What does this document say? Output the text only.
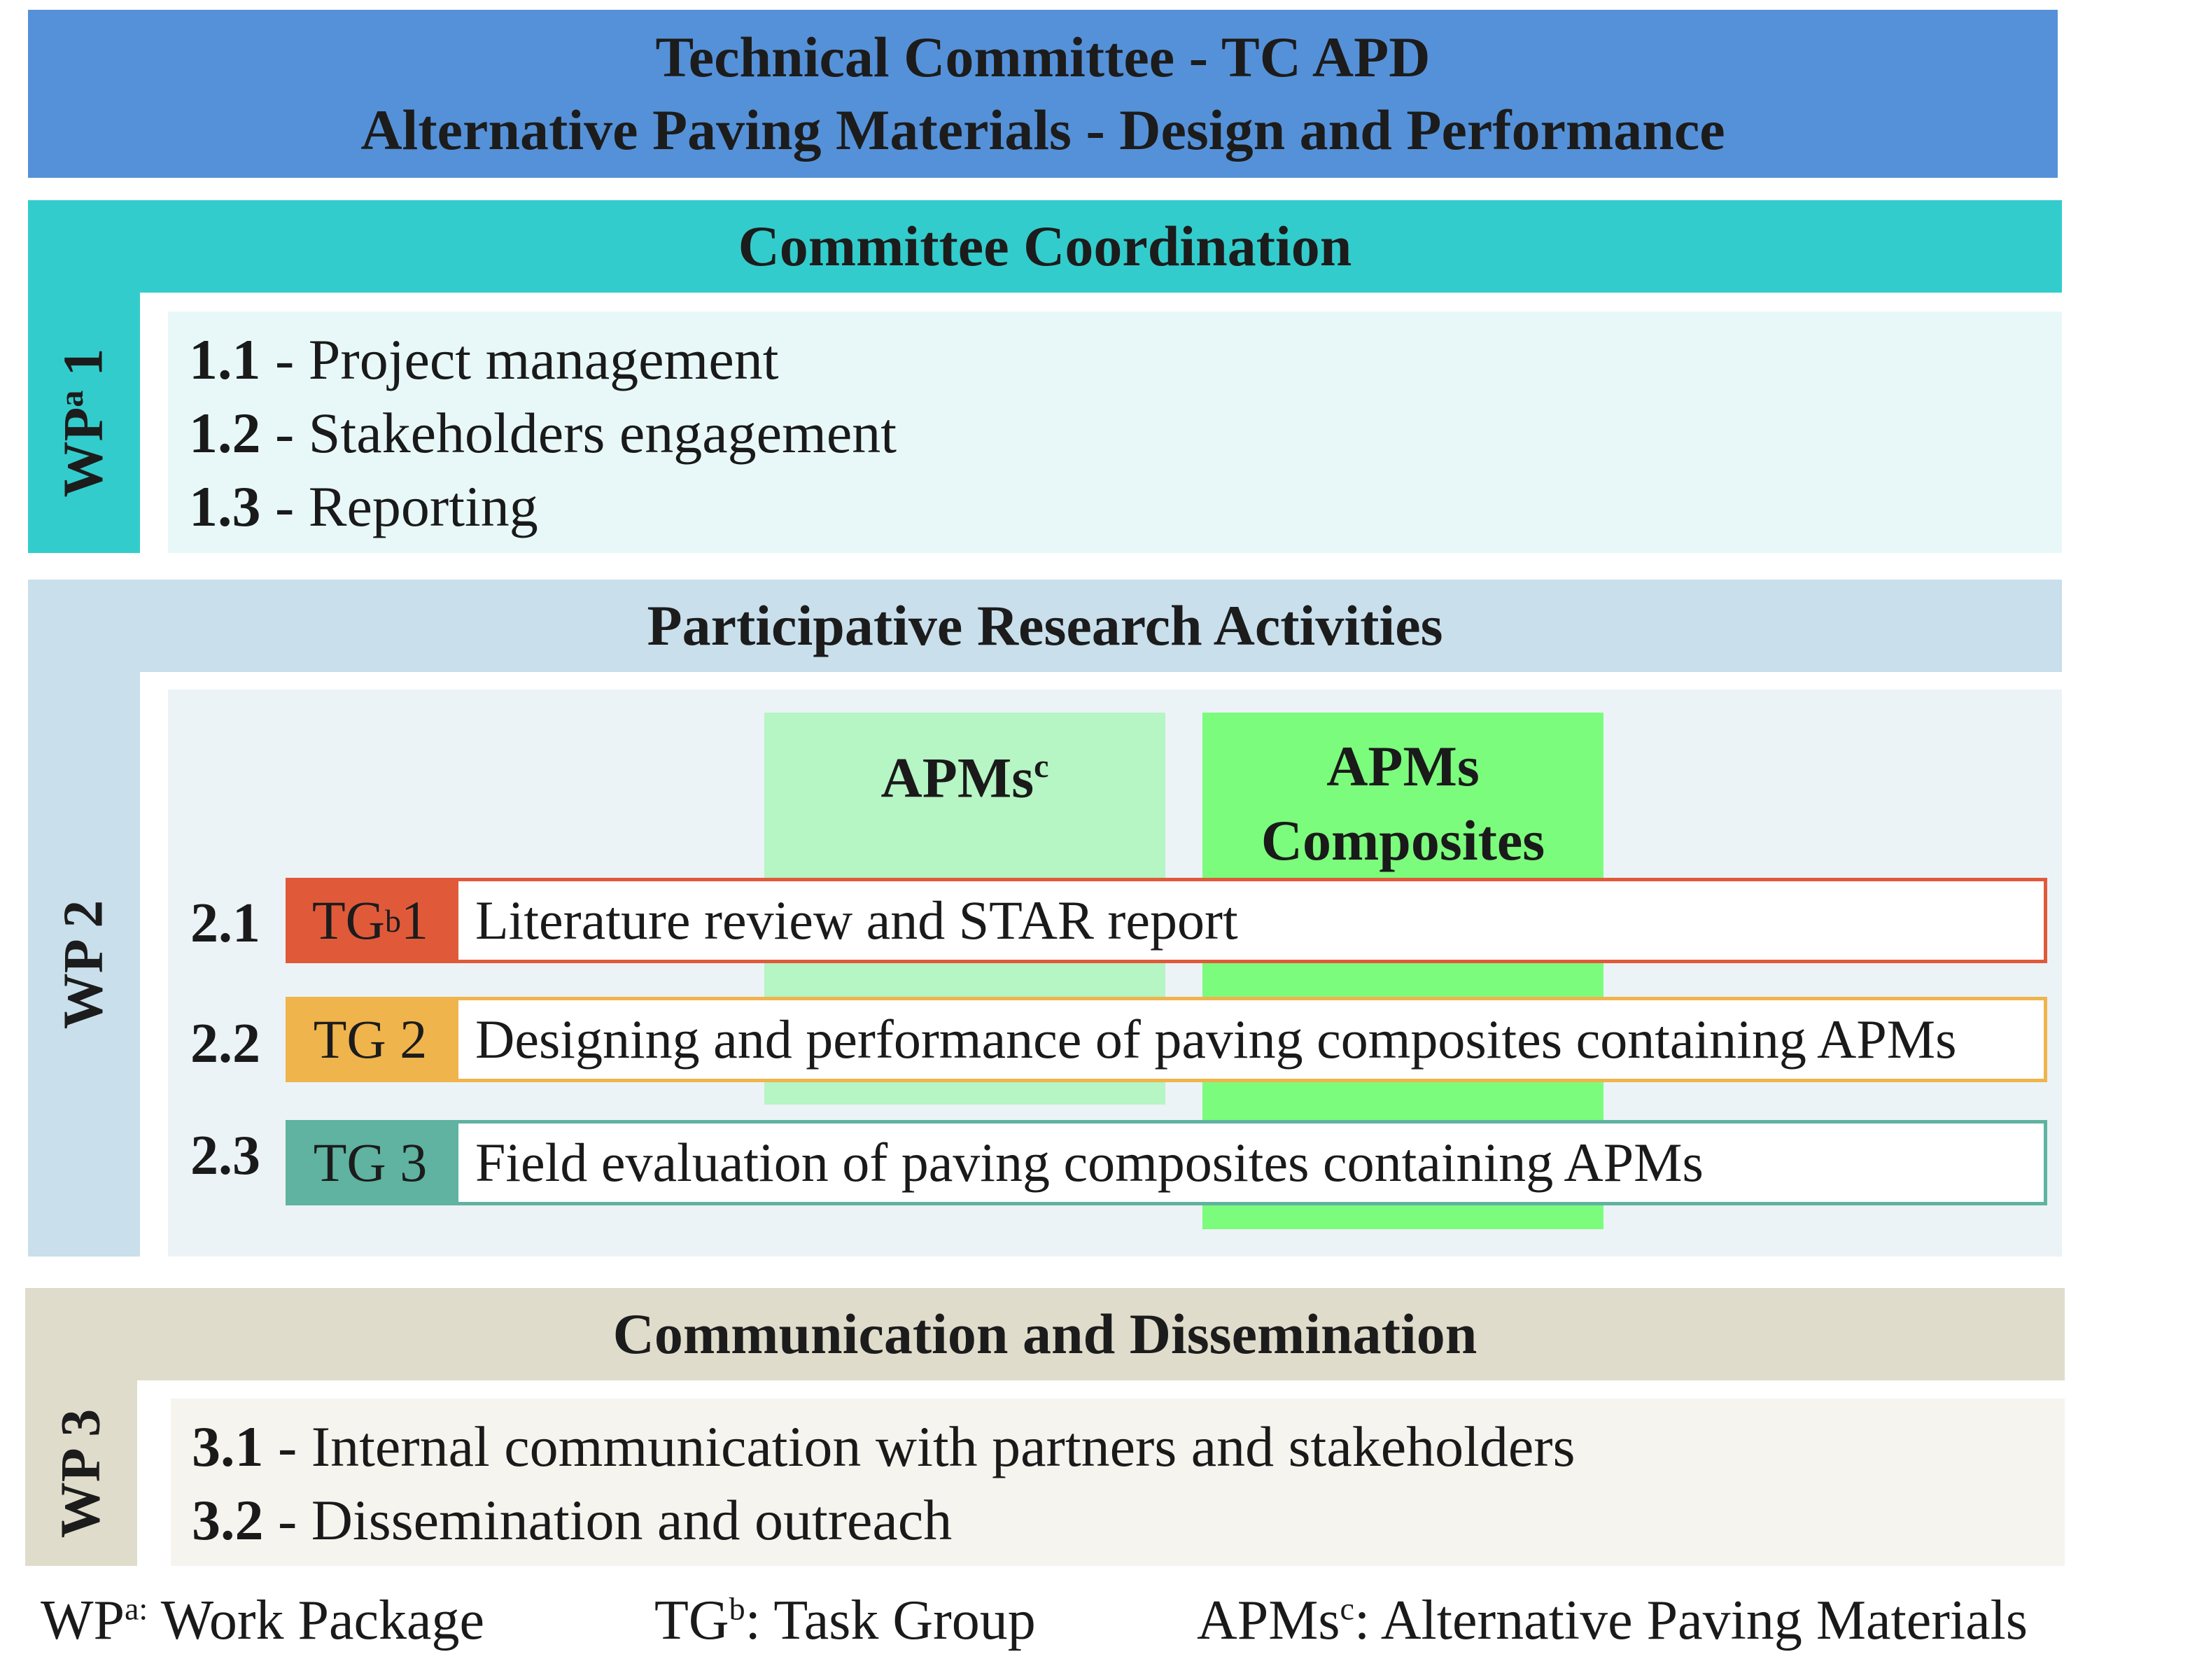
Technical Committee - TC APD
Alternative Paving Materials - Design and Performance
Committee Coordination
$WP^a$ 1 1.1 - Project management
1.2 - Stakeholders engagement
1.3 - Reporting
Participative Research Activities
WP 2
APMs$^c$	APMs
Composites
2.1 TG b 1 Literature review and STAR report
2.2 TG 2 Designing and performance of paving composites containing APMs
2.3 TG 3 Field evaluation of paving composites containing APMs
Communication and Dissemination
WP 3 3.1 - Internal communication with partners and stakeholders
3.2 - Dissemination and outreach
$WP^{a:}$ Work Package	$TG^b$: Task Group	APMs$^c$: Alternative Paving Materials
